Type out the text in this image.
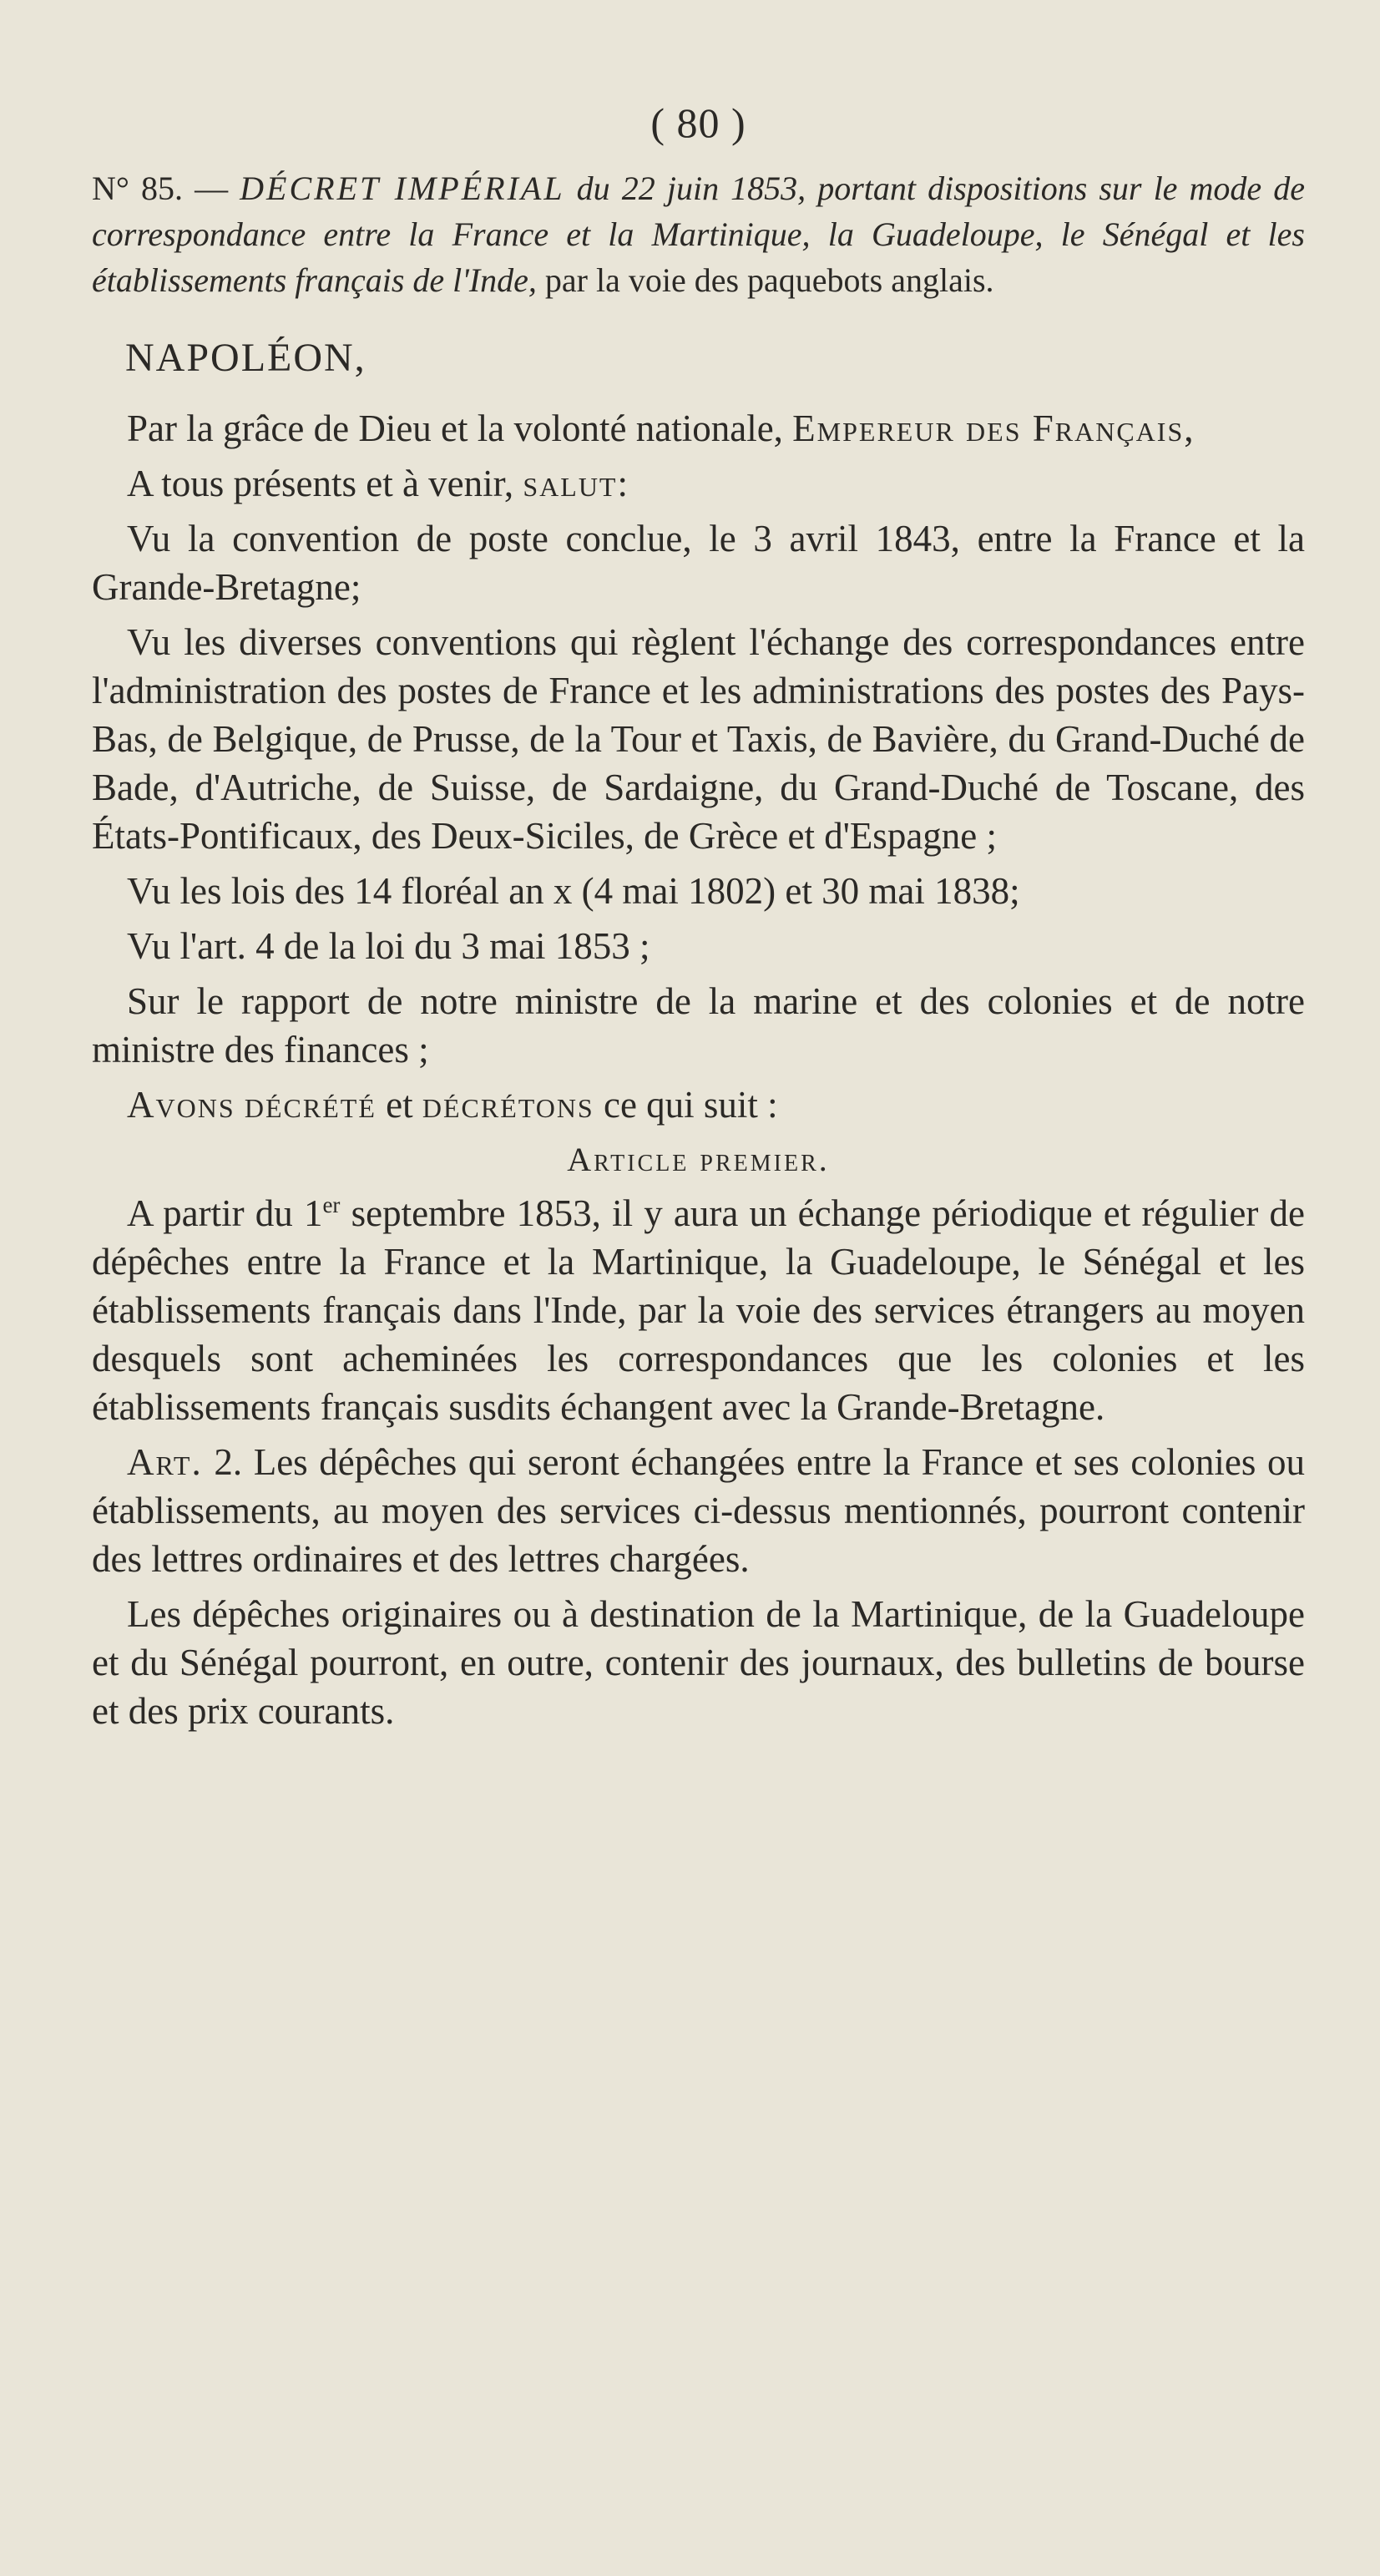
( 80 )
N° 85. — DÉCRET IMPÉRIAL du 22 juin 1853, portant dispositions sur le mode de correspondance entre la France et la Martinique, la Guadeloupe, le Sénégal et les établissements français de l'Inde, par la voie des paquebots anglais.
NAPOLÉON,

Par la grâce de Dieu et la volonté nationale, Empereur des Français,

A tous présents et à venir, salut:

Vu la convention de poste conclue, le 3 avril 1843, entre la France et la Grande-Bretagne;

Vu les diverses conventions qui règlent l'échange des correspondances entre l'administration des postes de France et les administrations des postes des Pays-Bas, de Belgique, de Prusse, de la Tour et Taxis, de Bavière, du Grand-Duché de Bade, d'Autriche, de Suisse, de Sardaigne, du Grand-Duché de Toscane, des États-Pontificaux, des Deux-Siciles, de Grèce et d'Espagne ;

Vu les lois des 14 floréal an x (4 mai 1802) et 30 mai 1838;

Vu l'art. 4 de la loi du 3 mai 1853 ;

Sur le rapport de notre ministre de la marine et des colonies et de notre ministre des finances ;

Avons décrété et décrétons ce qui suit :

Article premier.

A partir du 1er septembre 1853, il y aura un échange périodique et régulier de dépêches entre la France et la Martinique, la Guadeloupe, le Sénégal et les établissements français dans l'Inde, par la voie des services étrangers au moyen desquels sont acheminées les correspondances que les colonies et les établissements français susdits échangent avec la Grande-Bretagne.

Art. 2. Les dépêches qui seront échangées entre la France et ses colonies ou établissements, au moyen des services ci-dessus mentionnés, pourront contenir des lettres ordinaires et des lettres chargées.

Les dépêches originaires ou à destination de la Martinique, de la Guadeloupe et du Sénégal pourront, en outre, contenir des journaux, des bulletins de bourse et des prix courants.
